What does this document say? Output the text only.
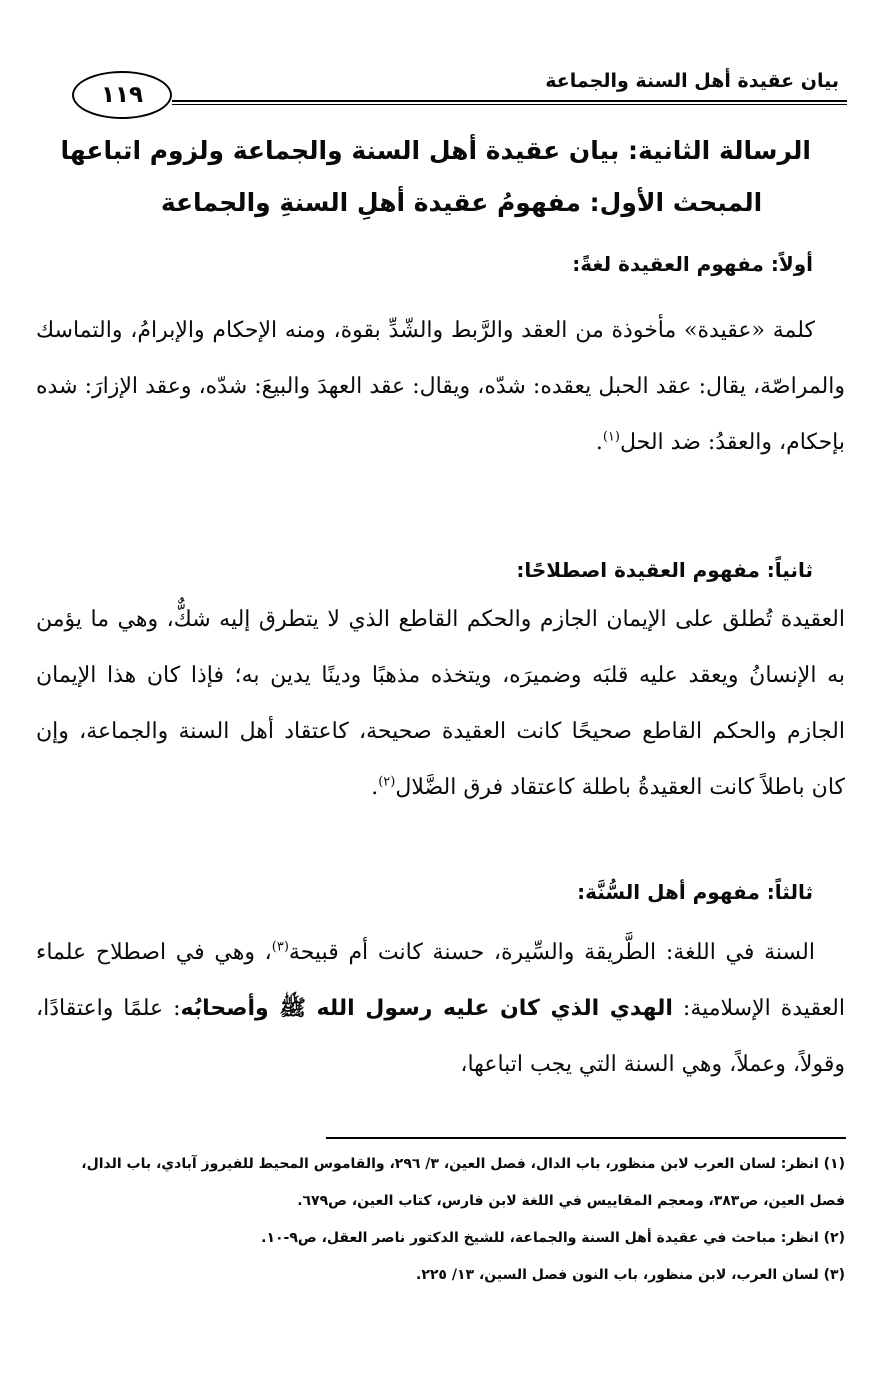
بيان عقيدة أهل السنة والجماعة
١١٩
الرسالة الثانية: بيان عقيدة أهل السنة والجماعة ولزوم اتباعها
المبحث الأول: مفهومُ عقيدة أهلِ السنةِ والجماعة
أولاً: مفهوم العقيدة لغةً:
كلمة «عقيدة» مأخوذة من العقد والرَّبط والشّدِّ بقوة، ومنه الإحكام والإبرامُ، والتماسك والمراصّة، يقال: عقد الحبل يعقده: شدّه، ويقال: عقد العهدَ والبيعَ: شدّه، وعقد الإزارَ: شده بإحكام، والعقدُ: ضد الحل$^{(١)}$.
ثانياً: مفهوم العقيدة اصطلاحًا:
العقيدة تُطلق على الإيمان الجازم والحكم القاطع الذي لا يتطرق إليه شكٌّ، وهي ما يؤمن به الإنسانُ ويعقد عليه قلبَه وضميرَه، ويتخذه مذهبًا ودينًا يدين به؛ فإذا كان هذا الإيمان الجازم والحكم القاطع صحيحًا كانت العقيدة صحيحة، كاعتقاد أهل السنة والجماعة، وإن كان باطلاً كانت العقيدةُ باطلة كاعتقاد فرق الضَّلال$^{(٢)}$.
ثالثاً: مفهوم أهل السُّنَّة:
السنة في اللغة: الطَّريقة والسِّيرة، حسنة كانت أم قبيحة$^{(٣)}$، وهي في اصطلاح علماء العقيدة الإسلامية: الهدي الذي كان عليه رسول الله ﷺ وأصحابُه: علمًا واعتقادًا، وقولاً، وعملاً، وهي السنة التي يجب اتباعها،
(١) انظر: لسان العرب لابن منظور، باب الدال، فصل العين، ٣/ ٢٩٦، والقاموس المحيط للفيروز آبادي، باب الدال، فصل العين، ص٣٨٣، ومعجم المقاييس في اللغة لابن فارس، كتاب العين، ص٦٧٩.
(٢) انظر: مباحث في عقيدة أهل السنة والجماعة، للشيخ الدكتور ناصر العقل، ص٩-١٠.
(٣) لسان العرب، لابن منظور، باب النون فصل السين، ١٣/ ٢٢٥.
